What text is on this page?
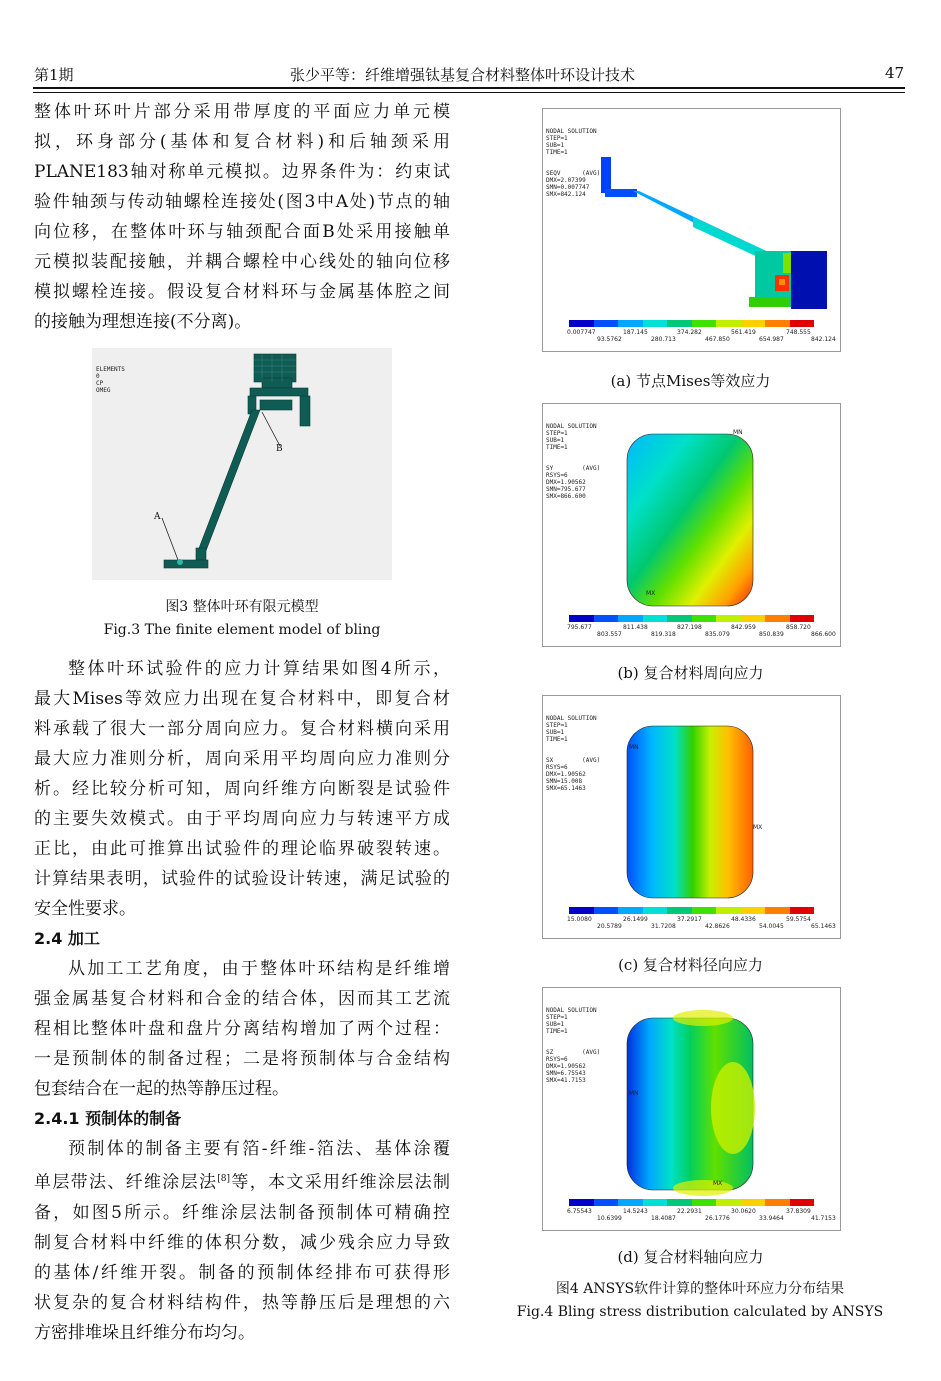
第1期	张少平等：纤维增强钛基复合材料整体叶环设计技术	47

整体叶环叶片部分采用带厚度的平面应力单元模

拟，环身部分(基体和复合材料)和后轴颈采用

PLANE183轴对称单元模拟。边界条件为：约束试

验件轴颈与传动轴螺栓连接处(图3中A处)节点的轴

向位移，在整体叶环与轴颈配合面B处采用接触单

元模拟装配接触，并耦合螺栓中心线处的轴向位移

模拟螺栓连接。假设复合材料环与金属基体腔之间

的接触为理想连接(不分离)。

ELEMENTS
0
CP
OMEG

B
A
图3 整体叶环有限元模型
Fig.3 The finite element model of bling

整体叶环试验件的应力计算结果如图4所示，

最大Mises等效应力出现在复合材料中，即复合材

料承载了很大一部分周向应力。复合材料横向采用

最大应力准则分析，周向采用平均周向应力准则分

析。经比较分析可知，周向纤维方向断裂是试验件

的主要失效模式。由于平均周向应力与转速平方成

正比，由此可推算出试验件的理论临界破裂转速。

计算结果表明，试验件的试验设计转速，满足试验的

安全性要求。

2.4 加工

从加工工艺角度，由于整体叶环结构是纤维增

强金属基复合材料和合金的结合体，因而其工艺流

程相比整体叶盘和盘片分离结构增加了两个过程：

一是预制体的制备过程；二是将预制体与合金结构

包套结合在一起的热等静压过程。

2.4.1 预制体的制备

预制体的制备主要有箔-纤维-箔法、基体涂覆

单层带法、纤维涂层法[8]等，本文采用纤维涂层法制

备，如图5所示。纤维涂层法制备预制体可精确控

制复合材料中纤维的体积分数，减少残余应力导致

的基体/纤维开裂。制备的预制体经排布可获得形

状复杂的复合材料结构件，热等静压后是理想的六

方密排堆垛且纤维分布均匀。

NODAL SOLUTION
STEP=1
SUB=1
TIME=1

SEQV      (AVG)
DMX=2.07399
SMN=0.007747
SMX=842.124

0.007747	187.145	374.282	561.419	748.555
93.5762	280.713	467.850	654.987	842.124
(a) 节点Mises等效应力

NODAL SOLUTION
STEP=1
SUB=1
TIME=1

SY        (AVG)
RSYS=6
DMX=1.90562
SMN=795.677
SMX=866.600

MN
MX
795.677	811.438	827.198	842.959	858.720
803.557	819.318	835.079	850.839	866.600
(b) 复合材料周向应力

NODAL SOLUTION
STEP=1
SUB=1
TIME=1

SX        (AVG)
RSYS=6
DMX=1.90562
SMN=15.008
SMX=65.1463

MN
MX
15.0080	26.1499	37.2917	48.4336	59.5754
20.5789	31.7208	42.8626	54.0045	65.1463
(c) 复合材料径向应力

NODAL SOLUTION
STEP=1
SUB=1
TIME=1

SZ        (AVG)
RSYS=6
DMX=1.90562
SMN=6.75543
SMX=41.7153

MN
MX
6.75543	14.5243	22.2931	30.0620	37.8309
10.6399	18.4087	26.1776	33.9464	41.7153
(d) 复合材料轴向应力
图4 ANSYS软件计算的整体叶环应力分布结果
Fig.4 Bling stress distribution calculated by ANSYS
